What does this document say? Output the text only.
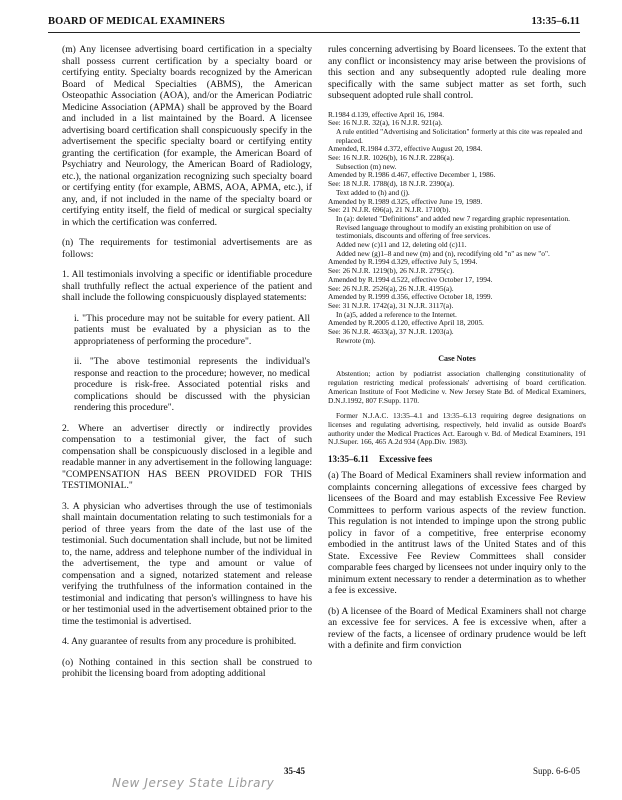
BOARD OF MEDICAL EXAMINERS	13:35–6.11

(m) Any licensee advertising board certification in a specialty shall possess current certification by a specialty board or certifying entity. Specialty boards recognized by the American Board of Medical Specialties (ABMS), the American Osteopathic Association (AOA), and/or the American Podiatric Medicine Association (APMA) shall be approved by the Board and included in a list maintained by the Board. A licensee advertising board certification shall conspicuously specify in the advertisement the specific specialty board or certifying entity granting the certification (for example, the American Board of Psychiatry and Neurology, the American Board of Radiology, etc.), the national organization recognizing such specialty board or certifying entity (for example, ABMS, AOA, APMA, etc.), if any, and, if not included in the name of the specialty board or certifying entity itself, the field of medical or surgical specialty in which the certification was conferred.

(n) The requirements for testimonial advertisements are as follows:

1. All testimonials involving a specific or identifiable procedure shall truthfully reflect the actual experience of the patient and shall include the following conspicuously displayed statements:

i. "This procedure may not be suitable for every patient. All patients must be evaluated by a physician as to the appropriateness of performing the procedure".

ii. "The above testimonial represents the individual's response and reaction to the procedure; however, no medical procedure is risk-free. Associated potential risks and complications should be discussed with the physician rendering this procedure".

2. Where an advertiser directly or indirectly provides compensation to a testimonial giver, the fact of such compensation shall be conspicuously disclosed in a legible and readable manner in any advertisement in the following language: "COMPENSATION HAS BEEN PROVIDED FOR THIS TESTIMONIAL."

3. A physician who advertises through the use of testimonials shall maintain documentation relating to such testimonials for a period of three years from the date of the last use of the testimonial. Such documentation shall include, but not be limited to, the name, address and telephone number of the individual in the advertisement, the type and amount or value of compensation and a signed, notarized statement and release verifying the truthfulness of the information contained in the testimonial and indicating that person's willingness to have his or her testimonial used in the advertisement obtained prior to the time the testimonial is advertised.

4. Any guarantee of results from any procedure is prohibited.

(o) Nothing contained in this section shall be construed to prohibit the licensing board from adopting additional

rules concerning advertising by Board licensees. To the extent that any conflict or inconsistency may arise between the provisions of this section and any subsequently adopted rule dealing more specifically with the same subject matter as set forth, such subsequent adopted rule shall control.

R.1984 d.139, effective April 16, 1984.
See: 16 N.J.R. 32(a), 16 N.J.R. 921(a).
A rule entitled "Advertising and Solicitation" formerly at this cite was repealed and replaced.
Amended, R.1984 d.372, effective August 20, 1984.
See: 16 N.J.R. 1026(b), 16 N.J.R. 2286(a).
Subsection (m) new.
Amended by R.1986 d.467, effective December 1, 1986.
See: 18 N.J.R. 1788(d), 18 N.J.R. 2390(a).
Text added to (h) and (j).
Amended by R.1989 d.325, effective June 19, 1989.
See: 21 N.J.R. 696(a), 21 N.J.R. 1710(b).
In (a): deleted "Definitions" and added new 7 regarding graphic representation. Revised language throughout to modify an existing prohibition on use of testimonials, discounts and offering of free services.
Added new (c)11 and 12, deleting old (c)11.
Added new (g)1–8 and new (m) and (n), recodifying old "n" as new "o".
Amended by R.1994 d.329, effective July 5, 1994.
See: 26 N.J.R. 1219(b), 26 N.J.R. 2795(c).
Amended by R.1994 d.522, effective October 17, 1994.
See: 26 N.J.R. 2526(a), 26 N.J.R. 4195(a).
Amended by R.1999 d.356, effective October 18, 1999.
See: 31 N.J.R. 1742(a), 31 N.J.R. 3117(a).
In (a)5, added a reference to the Internet.
Amended by R.2005 d.120, effective April 18, 2005.
See: 36 N.J.R. 4633(a), 37 N.J.R. 1203(a).
Rewrote (m).
Case Notes

Abstention; action by podiatrist association challenging constitutionality of regulation restricting medical professionals' advertising of board certification. American Institute of Foot Medicine v. New Jersey State Bd. of Medical Examiners, D.N.J.1992, 807 F.Supp. 1170.

Former N.J.A.C. 13:35–4.1 and 13:35–6.13 requiring degree designations on licenses and regulating advertising, respectively, held invalid as outside Board's authority under the Medical Practices Act. Earough v. Bd. of Medical Examiners, 191 N.J.Super. 166, 465 A.2d 934 (App.Div. 1983).

13:35–6.11 Excessive fees

(a) The Board of Medical Examiners shall review information and complaints concerning allegations of excessive fees charged by licensees of the Board and may establish Excessive Fee Review Committees to perform various aspects of the review function. This regulation is not intended to impinge upon the strong public policy in favor of a competitive, free enterprise economy embodied in the antitrust laws of the United States and of this State. Excessive Fee Review Committees shall consider comparable fees charged by licensees not under inquiry only to the minimum extent necessary to render a determination as to whether a fee is excessive.

(b) A licensee of the Board of Medical Examiners shall not charge an excessive fee for services. A fee is excessive when, after a review of the facts, a licensee of ordinary prudence would be left with a definite and firm conviction

35-45	Supp. 6-6-05
New Jersey State Library
